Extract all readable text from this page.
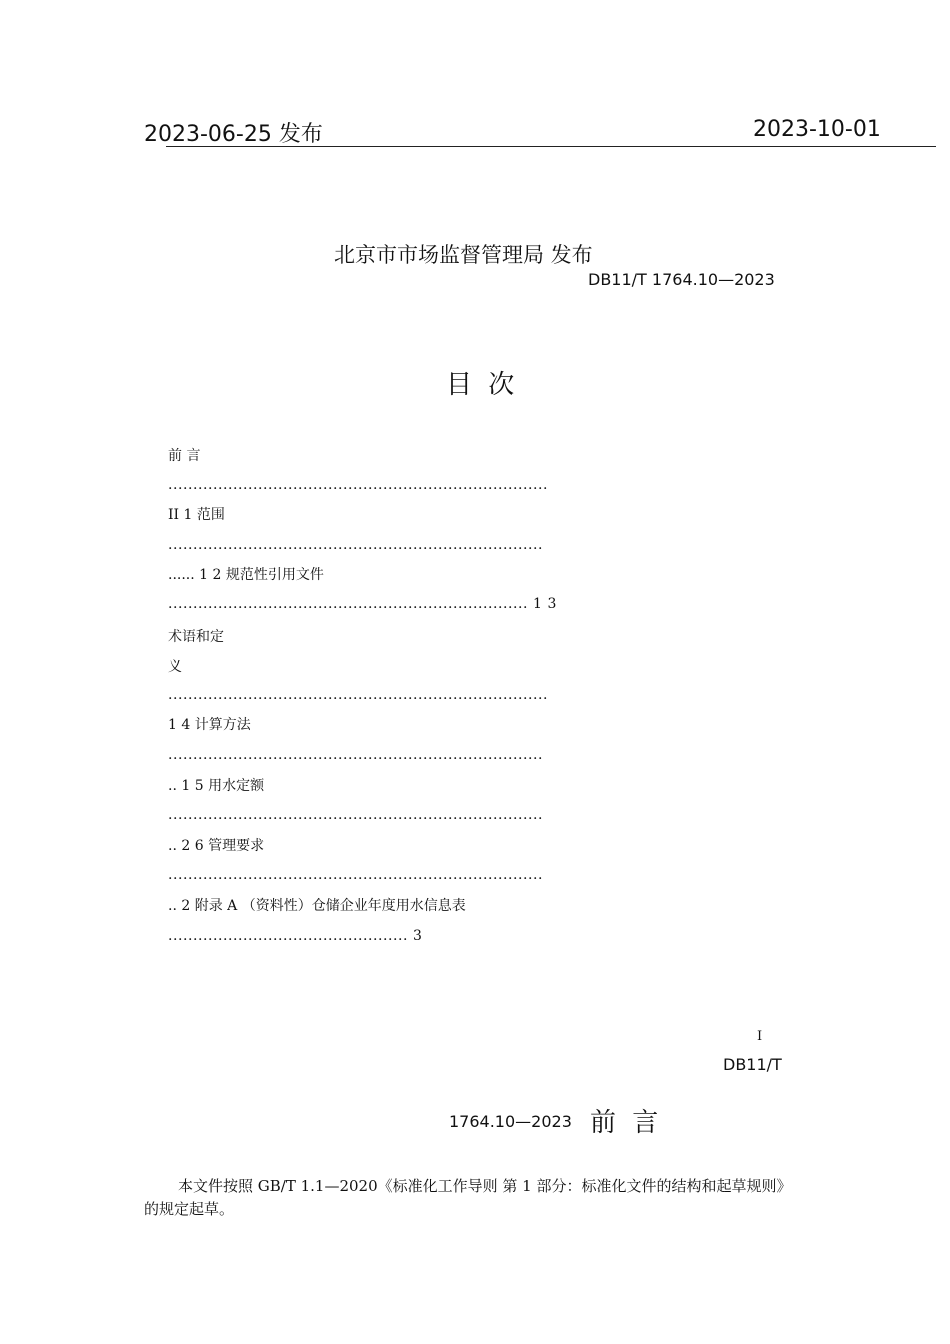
2023-06-25 发布	2023-10-01
北京市市场监督管理局 发布
DB11/T 1764.10—2023
目 次
前 言
............................................................................
II 1 范围
...........................................................................
...... 1 2 规范性引用文件
........................................................................ 1 3
术语和定
义
............................................................................
1 4 计算方法
...........................................................................
.. 1 5 用水定额
...........................................................................
.. 2 6 管理要求
...........................................................................
.. 2 附录 A （资料性）仓储企业年度用水信息表
................................................ 3
I
DB11/T
1764.10—2023 前 言

本文件按照 GB/T 1.1—2020《标准化工作导则 第 1 部分：标准化文件的结构和起草规则》的规定起草。
